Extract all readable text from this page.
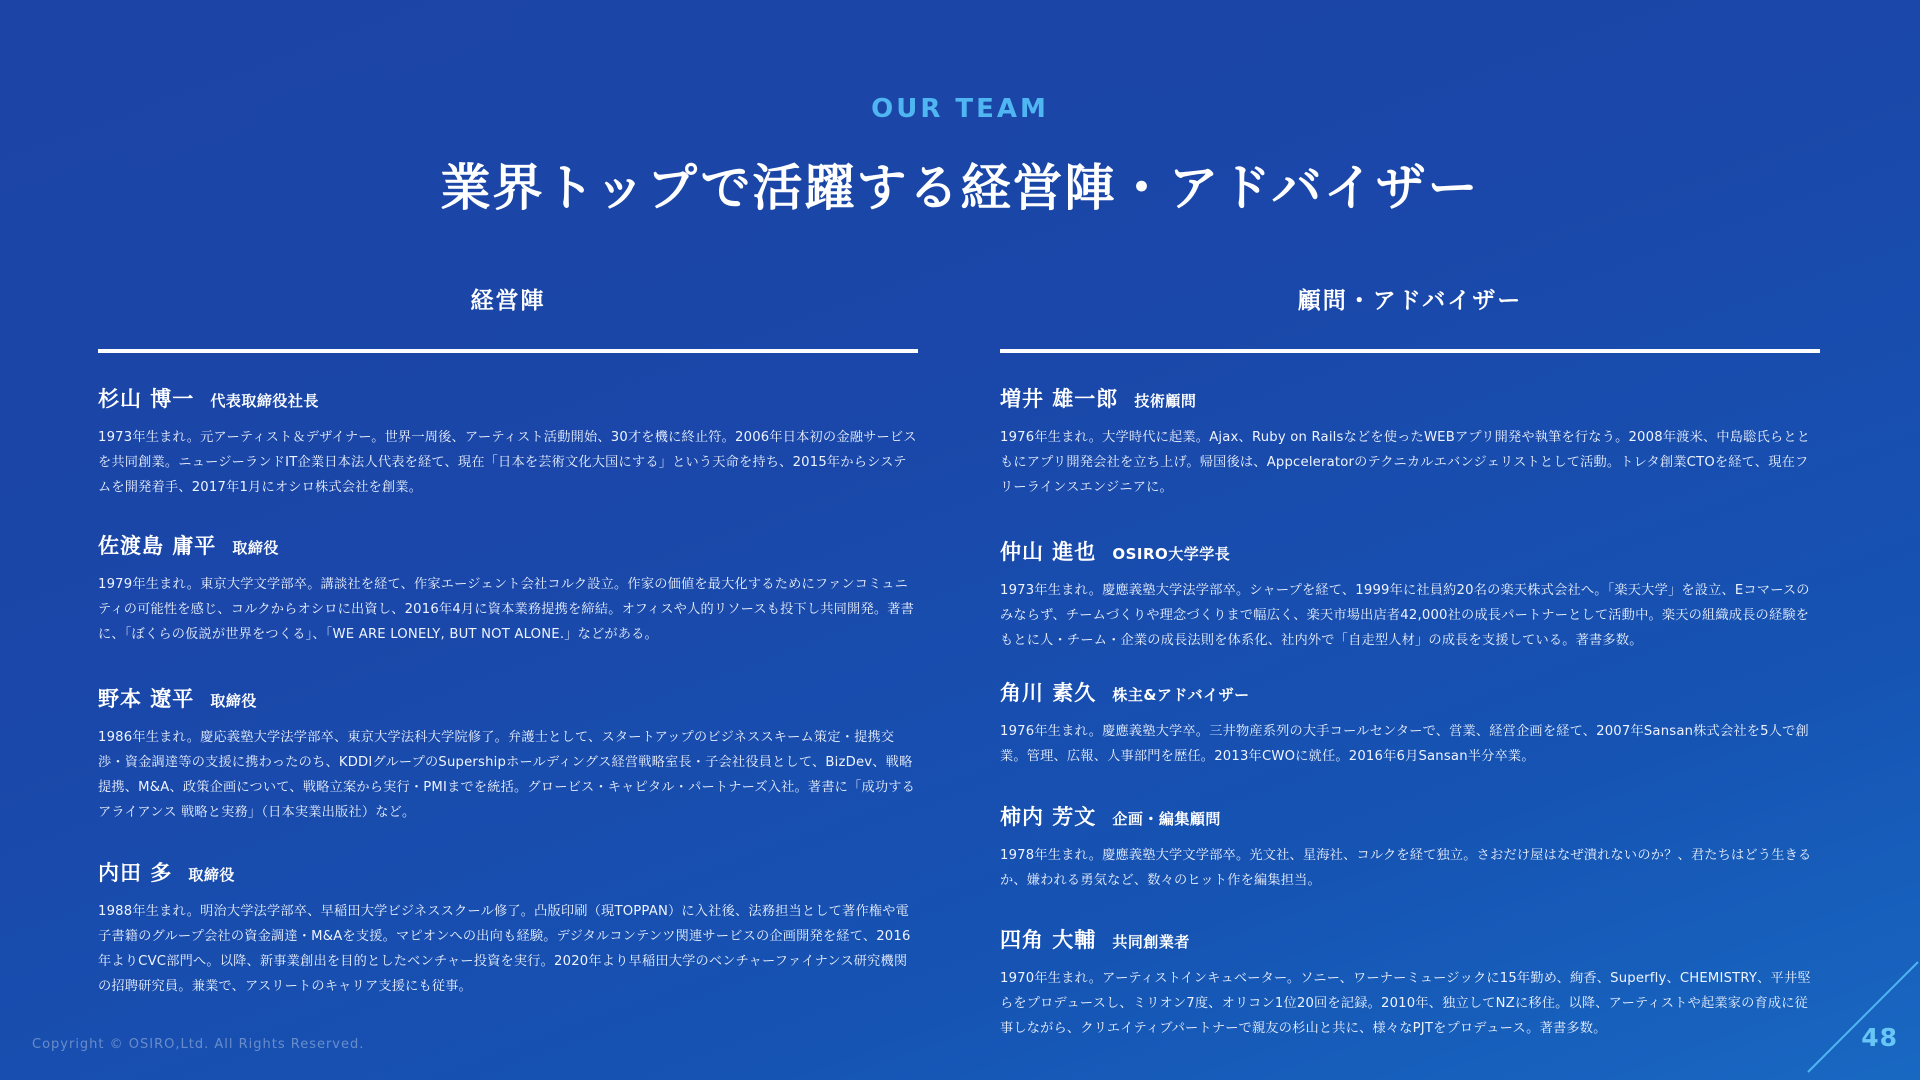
OUR TEAM
業界トップで活躍する経営陣・アドバイザー
経営陣
杉山 博一 代表取締役社長
1973年生まれ。元アーティスト＆デザイナー。世界一周後、アーティスト活動開始、30才を機に終止符。2006年日本初の金融サービスを共同創業。ニュージーランドIT企業日本法人代表を経て、現在「日本を芸術文化大国にする」という天命を持ち、2015年からシステムを開発着手、2017年1月にオシロ株式会社を創業。
佐渡島 庸平 取締役
1979年生まれ。東京大学文学部卒。講談社を経て、作家エージェント会社コルク設立。作家の価値を最大化するためにファンコミュニティの可能性を感じ、コルクからオシロに出資し、2016年4月に資本業務提携を締結。オフィスや人的リソースも投下し共同開発。著書に、「ぼくらの仮説が世界をつくる」、「WE ARE LONELY, BUT NOT ALONE.」などがある。
野本 遼平 取締役
1986年生まれ。慶応義塾大学法学部卒、東京大学法科大学院修了。弁護士として、スタートアップのビジネススキーム策定・提携交渉・資金調達等の支援に携わったのち、KDDIグループのSupershipホールディングス経営戦略室長・子会社役員として、BizDev、戦略提携、M&A、政策企画について、戦略立案から実行・PMIまでを統括。グロービス・キャピタル・パートナーズ入社。著書に「成功するアライアンス 戦略と実務」（日本実業出版社）など。
内田 多 取締役
1988年生まれ。明治大学法学部卒、早稲田大学ビジネススクール修了。凸版印刷（現TOPPAN）に入社後、法務担当として著作権や電子書籍のグループ会社の資金調達・M&Aを支援。マピオンへの出向も経験。デジタルコンテンツ関連サービスの企画開発を経て、2016年よりCVC部門へ。以降、新事業創出を目的としたベンチャー投資を実行。2020年より早稲田大学のベンチャーファイナンス研究機関の招聘研究員。兼業で、アスリートのキャリア支援にも従事。
顧問・アドバイザー
増井 雄一郎 技術顧問
1976年生まれ。大学時代に起業。Ajax、Ruby on Railsなどを使ったWEBアプリ開発や執筆を行なう。2008年渡米、中島聡氏らとともにアプリ開発会社を立ち上げ。帰国後は、Appceleratorのテクニカルエバンジェリストとして活動。トレタ創業CTOを経て、現在フリーラインスエンジニアに。
仲山 進也 OSIRO大学学長
1973年生まれ。慶應義塾大学法学部卒。シャープを経て、1999年に社員約20名の楽天株式会社へ。「楽天大学」を設立、Eコマースのみならず、チームづくりや理念づくりまで幅広く、楽天市場出店者42,000社の成長パートナーとして活動中。楽天の組織成長の経験をもとに人・チーム・企業の成長法則を体系化、社内外で「自走型人材」の成長を支援している。著書多数。
角川 素久 株主&アドバイザー
1976年生まれ。慶應義塾大学卒。三井物産系列の大手コールセンターで、営業、経営企画を経て、2007年Sansan株式会社を5人で創業。管理、広報、人事部門を歴任。2013年CWOに就任。2016年6月Sansan半分卒業。
柿内 芳文 企画・編集顧問
1978年生まれ。慶應義塾大学文学部卒。光文社、星海社、コルクを経て独立。さおだけ屋はなぜ潰れないのか？、君たちはどう生きるか、嫌われる勇気など、数々のヒット作を編集担当。
四角 大輔 共同創業者
1970年生まれ。アーティストインキュベーター。ソニー、ワーナーミュージックに15年勤め、絢香、Superfly、CHEMISTRY、平井堅らをプロデュースし、ミリオン7度、オリコン1位20回を記録。2010年、独立してNZに移住。以降、アーティストや起業家の育成に従事しながら、クリエイティブパートナーで親友の杉山と共に、様々なPJTをプロデュース。著書多数。
Copyright © OSIRO,Ltd. All Rights Reserved.	48
